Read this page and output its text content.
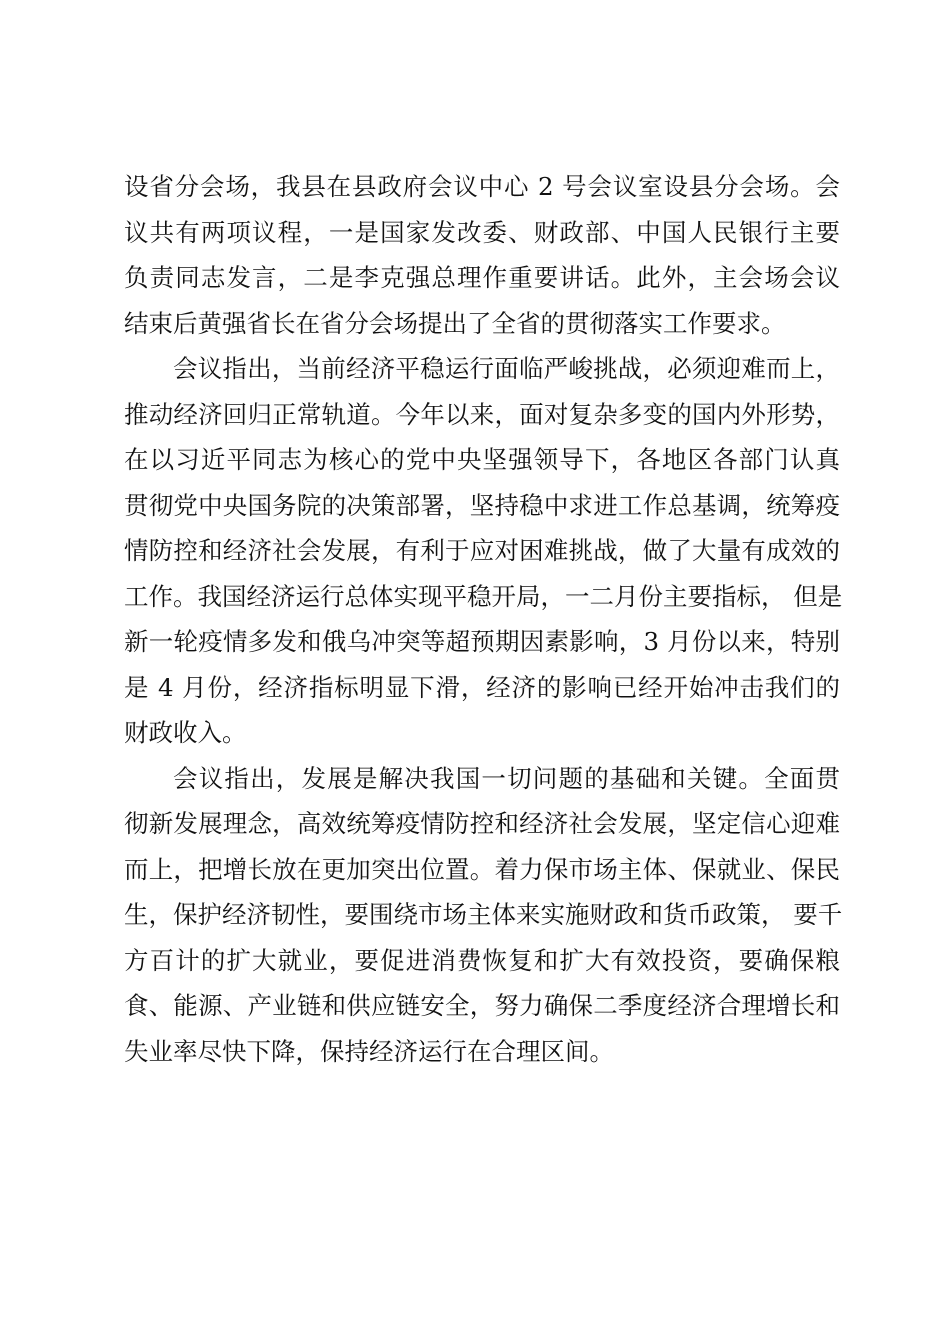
设省分会场，我县在县政府会议中心 2 号会议室设县分会场。会
议共有两项议程，一是国家发改委、财政部、中国人民银行主要
负责同志发言，二是李克强总理作重要讲话。此外，主会场会议
结束后黄强省长在省分会场提出了全省的贯彻落实工作要求。
会议指出，当前经济平稳运行面临严峻挑战，必须迎难而上，
推动经济回归正常轨道。今年以来，面对复杂多变的国内外形势，
在以习近平同志为核心的党中央坚强领导下，各地区各部门认真
贯彻党中央国务院的决策部署，坚持稳中求进工作总基调，统筹疫
情防控和经济社会发展，有利于应对困难挑战，做了大量有成效的
工作。我国经济运行总体实现平稳开局，一二月份主要指标， 但是
新一轮疫情多发和俄乌冲突等超预期因素影响，3 月份以来，特别
是 4 月份，经济指标明显下滑，经济的影响已经开始冲击我们的
财政收入。
会议指出，发展是解决我国一切问题的基础和关键。全面贯
彻新发展理念，高效统筹疫情防控和经济社会发展，坚定信心迎难
而上，把增长放在更加突出位置。着力保市场主体、保就业、保民
生，保护经济韧性，要围绕市场主体来实施财政和货币政策， 要千
方百计的扩大就业，要促进消费恢复和扩大有效投资，要确保粮
食、能源、产业链和供应链安全，努力确保二季度经济合理增长和
失业率尽快下降，保持经济运行在合理区间。
